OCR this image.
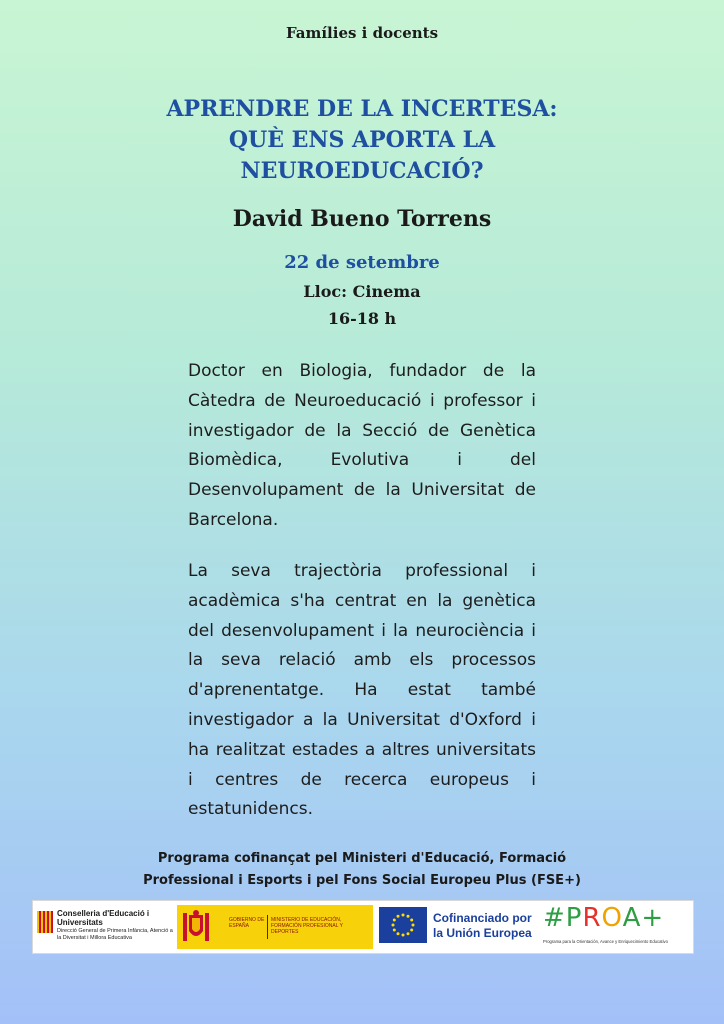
Famílies i docents
APRENDRE DE LA INCERTESA:
QUÈ ENS APORTA LA
NEUROEDUCACIÓ?
David Bueno Torrens
22 de setembre
Lloc: Cinema
16-18 h
Doctor en Biologia, fundador de la Càtedra de Neuroeducació i professor i investigador de la Secció de Genètica Biomèdica, Evolutiva i del Desenvolupament de la Universitat de Barcelona.
La seva trajectòria professional i acadèmica s'ha centrat en la genètica del desenvolupament i la neurociència i la seva relació amb els processos d'aprenentatge. Ha estat també investigador a la Universitat d'Oxford i ha realitzat estades a altres universitats i centres de recerca europeus i estatunidencs.
Programa cofinançat pel Ministeri d'Educació, Formació Professional i Esports i pel Fons Social Europeu Plus (FSE+)
Conselleria d'Educació i Universitats
Direcció General de Primera Infància, Atenció a la Diversitat i Millora Educativa
GOBIERNO DE ESPAÑA
MINISTERIO DE EDUCACIÓN, FORMACIÓN PROFESIONAL Y DEPORTES
Cofinanciado por la Unión Europea #PROA+
Programa para la Orientación, Avance y Enriquecimiento Educativo
